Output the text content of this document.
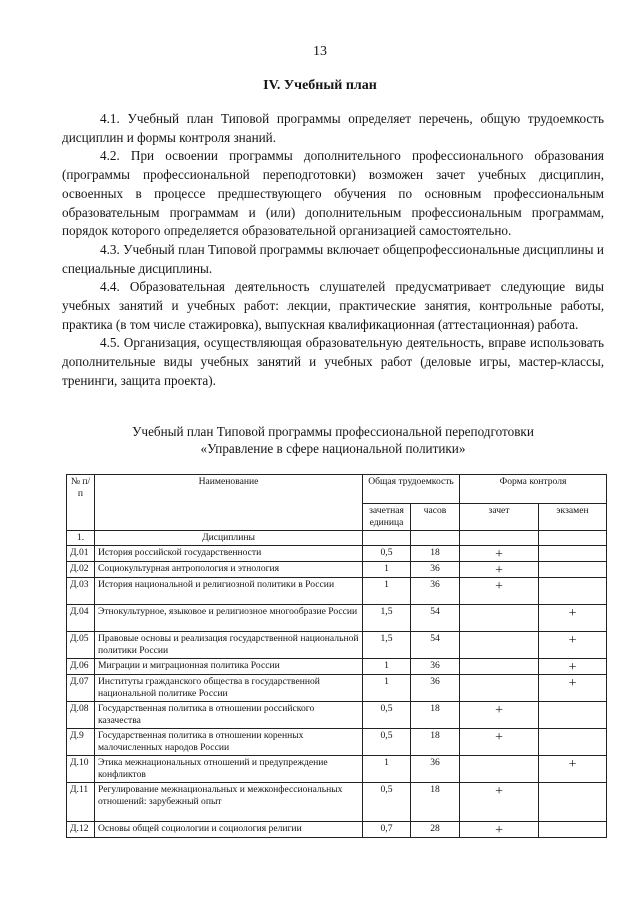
13
IV. Учебный план

4.1. Учебный план Типовой программы определяет перечень, общую трудоемкость дисциплин и формы контроля знаний.

4.2. При освоении программы дополнительного профессионального образования (программы профессиональной переподготовки) возможен зачет учебных дисциплин, освоенных в процессе предшествующего обучения по основным профессиональным образовательным программам и (или) дополнительным профессиональным программам, порядок которого определяется образовательной организацией самостоятельно.

4.3. Учебный план Типовой программы включает общепрофессиональные дисциплины и специальные дисциплины.

4.4. Образовательная деятельность слушателей предусматривает следующие виды учебных занятий и учебных работ: лекции, практические занятия, контрольные работы, практика (в том числе стажировка), выпускная квалификационная (аттестационная) работа.

4.5. Организация, осуществляющая образовательную деятельность, вправе использовать дополнительные виды учебных занятий и учебных работ (деловые игры, мастер-классы, тренинги, защита проекта).

Учебный план Типовой программы профессиональной переподготовки
«Управление в сфере национальной политики»
№ п/п	Наименование	Общая трудоемкость		Форма контроля	
		зачетная единица	часов	зачет	экзамен
1.	Дисциплины				
Д.01	История российской государственности	0,5	18	+	
Д.02	Социокультурная антропология и этнология	1	36	+	
Д.03	История национальной и религиозной политики в России	1	36	+	
Д.04	Этнокультурное, языковое и религиозное многообразие России	1,5	54		+
Д.05	Правовые основы и реализация государственной национальной политики России	1,5	54		+
Д.06	Миграции и миграционная политика России	1	36		+
Д.07	Институты гражданского общества в государственной национальной политике России	1	36		+
Д.08	Государственная политика в отношении российского казачества	0,5	18	+	
Д.9	Государственная политика в отношении коренных малочисленных народов России	0,5	18	+	
Д.10	Этика межнациональных отношений и предупреждение конфликтов	1	36		+
Д.11	Регулирование межнациональных и межконфессиональных отношений: зарубежный опыт	0,5	18	+	
Д.12	Основы общей социологии и социология религии	0,7	28	+	
